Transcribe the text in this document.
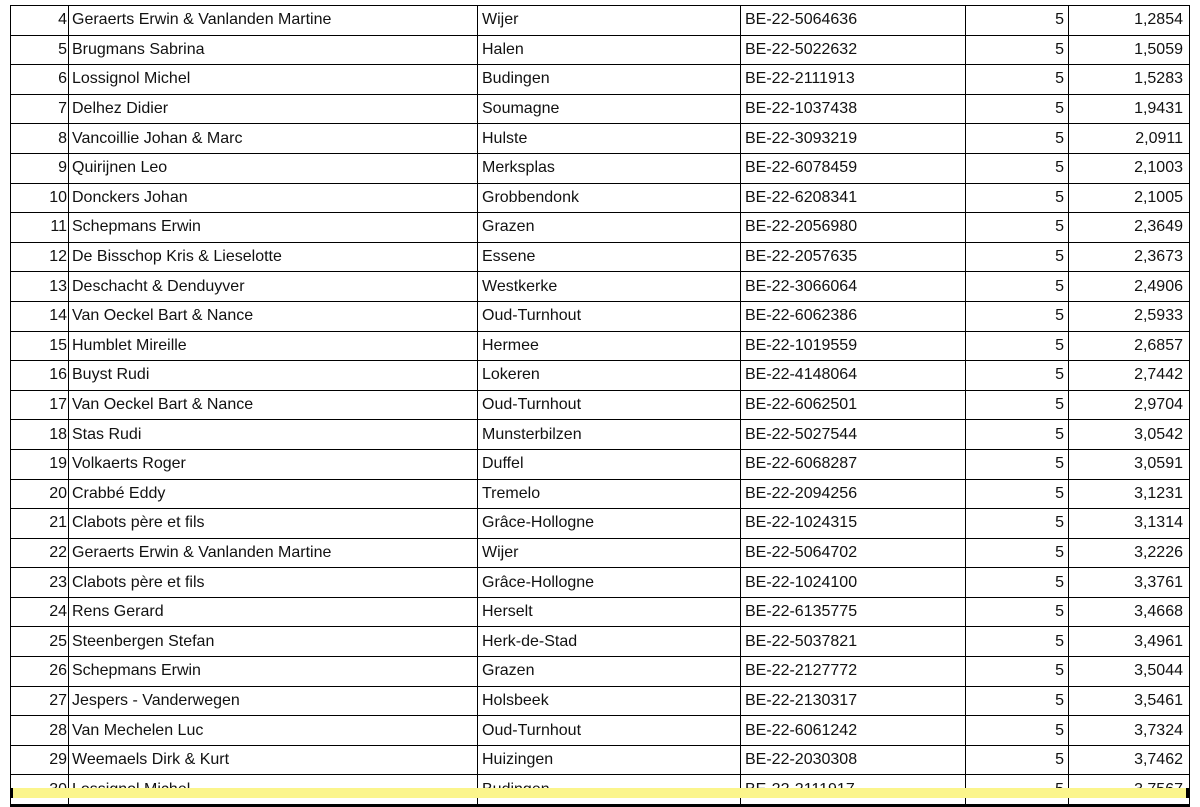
4	Geraerts Erwin & Vanlanden Martine	Wijer	BE-22-5064636	5	1,2854
5	Brugmans Sabrina	Halen	BE-22-5022632	5	1,5059
6	Lossignol Michel	Budingen	BE-22-2111913	5	1,5283
7	Delhez Didier	Soumagne	BE-22-1037438	5	1,9431
8	Vancoillie Johan & Marc	Hulste	BE-22-3093219	5	2,0911
9	Quirijnen Leo	Merksplas	BE-22-6078459	5	2,1003
10	Donckers Johan	Grobbendonk	BE-22-6208341	5	2,1005
11	Schepmans Erwin	Grazen	BE-22-2056980	5	2,3649
12	De Bisschop Kris & Lieselotte	Essene	BE-22-2057635	5	2,3673
13	Deschacht & Denduyver	Westkerke	BE-22-3066064	5	2,4906
14	Van Oeckel Bart & Nance	Oud-Turnhout	BE-22-6062386	5	2,5933
15	Humblet Mireille	Hermee	BE-22-1019559	5	2,6857
16	Buyst Rudi	Lokeren	BE-22-4148064	5	2,7442
17	Van Oeckel Bart & Nance	Oud-Turnhout	BE-22-6062501	5	2,9704
18	Stas Rudi	Munsterbilzen	BE-22-5027544	5	3,0542
19	Volkaerts Roger	Duffel	BE-22-6068287	5	3,0591
20	Crabbé Eddy	Tremelo	BE-22-2094256	5	3,1231
21	Clabots père et fils	Grâce-Hollogne	BE-22-1024315	5	3,1314
22	Geraerts Erwin & Vanlanden Martine	Wijer	BE-22-5064702	5	3,2226
23	Clabots père et fils	Grâce-Hollogne	BE-22-1024100	5	3,3761
24	Rens Gerard	Herselt	BE-22-6135775	5	3,4668
25	Steenbergen Stefan	Herk-de-Stad	BE-22-5037821	5	3,4961
26	Schepmans Erwin	Grazen	BE-22-2127772	5	3,5044
27	Jespers - Vanderwegen	Holsbeek	BE-22-2130317	5	3,5461
28	Van Mechelen Luc	Oud-Turnhout	BE-22-6061242	5	3,7324
29	Weemaels Dirk & Kurt	Huizingen	BE-22-2030308	5	3,7462
